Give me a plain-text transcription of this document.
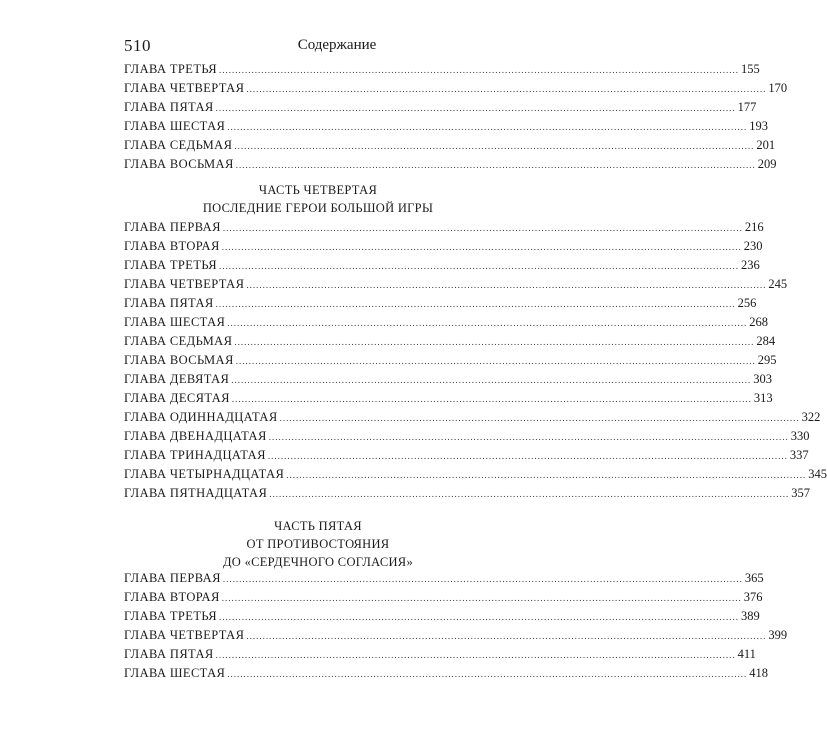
510	Содержание
ГЛАВА ТРЕТЬЯ ................................................................................................................................................................ 155
ГЛАВА ЧЕТВЕРТАЯ ................................................................................................................................................................ 170
ГЛАВА ПЯТАЯ ................................................................................................................................................................ 177
ГЛАВА ШЕСТАЯ ................................................................................................................................................................ 193
ГЛАВА СЕДЬМАЯ ................................................................................................................................................................ 201
ГЛАВА ВОСЬМАЯ ................................................................................................................................................................ 209
ЧАСТЬ ЧЕТВЕРТАЯ
ПОСЛЕДНИЕ ГЕРОИ БОЛЬШОЙ ИГРЫ
ГЛАВА ПЕРВАЯ ................................................................................................................................................................ 216
ГЛАВА ВТОРАЯ ................................................................................................................................................................ 230
ГЛАВА ТРЕТЬЯ ................................................................................................................................................................ 236
ГЛАВА ЧЕТВЕРТАЯ ................................................................................................................................................................ 245
ГЛАВА ПЯТАЯ ................................................................................................................................................................ 256
ГЛАВА ШЕСТАЯ ................................................................................................................................................................ 268
ГЛАВА СЕДЬМАЯ ................................................................................................................................................................ 284
ГЛАВА ВОСЬМАЯ ................................................................................................................................................................ 295
ГЛАВА ДЕВЯТАЯ ................................................................................................................................................................ 303
ГЛАВА ДЕСЯТАЯ ................................................................................................................................................................ 313
ГЛАВА ОДИННАДЦАТАЯ ................................................................................................................................................................ 322
ГЛАВА ДВЕНАДЦАТАЯ ................................................................................................................................................................ 330
ГЛАВА ТРИНАДЦАТАЯ ................................................................................................................................................................ 337
ГЛАВА ЧЕТЫРНАДЦАТАЯ ................................................................................................................................................................ 345
ГЛАВА ПЯТНАДЦАТАЯ ................................................................................................................................................................ 357
ЧАСТЬ ПЯТАЯ
ОТ ПРОТИВОСТОЯНИЯ
ДО «СЕРДЕЧНОГО СОГЛАСИЯ»
ГЛАВА ПЕРВАЯ ................................................................................................................................................................ 365
ГЛАВА ВТОРАЯ ................................................................................................................................................................ 376
ГЛАВА ТРЕТЬЯ ................................................................................................................................................................ 389
ГЛАВА ЧЕТВЕРТАЯ ................................................................................................................................................................ 399
ГЛАВА ПЯТАЯ ................................................................................................................................................................ 411
ГЛАВА ШЕСТАЯ ................................................................................................................................................................ 418
